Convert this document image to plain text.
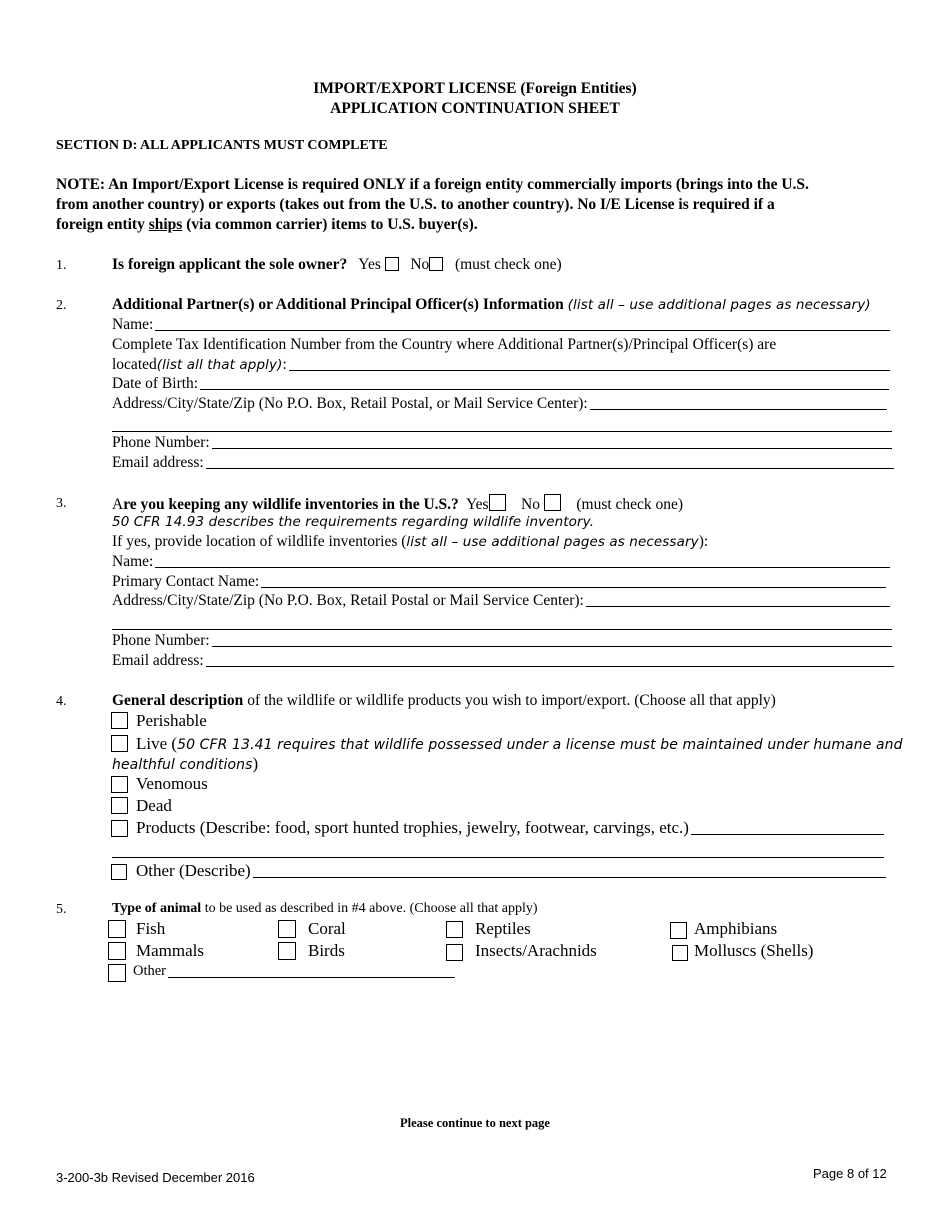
IMPORT/EXPORT LICENSE (Foreign Entities)
APPLICATION CONTINUATION SHEET
SECTION D: ALL APPLICANTS MUST COMPLETE
NOTE: An Import/Export License is required ONLY if a foreign entity commercially imports (brings into the U.S.
from another country) or exports (takes out from the U.S. to another country). No I/E License is required if a
foreign entity ships (via common carrier) items to U.S. buyer(s).
1.	Is foreign applicant the sole owner? Yes No (must check one)
2.	Additional Partner(s) or Additional Principal Officer(s) Information (list all – use additional pages as necessary)
Name:
Complete Tax Identification Number from the Country where Additional Partner(s)/Principal Officer(s) are
located (list all that apply) :
Date of Birth:
Address/City/State/Zip (No P.O. Box, Retail Postal, or Mail Service Center):
Phone Number:
Email address:
3.	Are you keeping any wildlife inventories in the U.S.? Yes No (must check one)
50 CFR 14.93 describes the requirements regarding wildlife inventory.
If yes, provide location of wildlife inventories (list all – use additional pages as necessary):
Name:
Primary Contact Name:
Address/City/State/Zip (No P.O. Box, Retail Postal or Mail Service Center):
Phone Number:
Email address:
4.	General description of the wildlife or wildlife products you wish to import/export. (Choose all that apply)
Perishable
Live (50 CFR 13.41 requires that wildlife possessed under a license must be maintained under humane and
healthful conditions)
Venomous
Dead
Products (Describe: food, sport hunted trophies, jewelry, footwear, carvings, etc.)
Other (Describe)
5.	Type of animal to be used as described in #4 above. (Choose all that apply)
Fish	Coral	Reptiles	Amphibians
Mammals	Birds	Insects/Arachnids	Molluscs (Shells)
Other
Please continue to next page
3-200-3b Revised December 2016	Page 8 of 12
